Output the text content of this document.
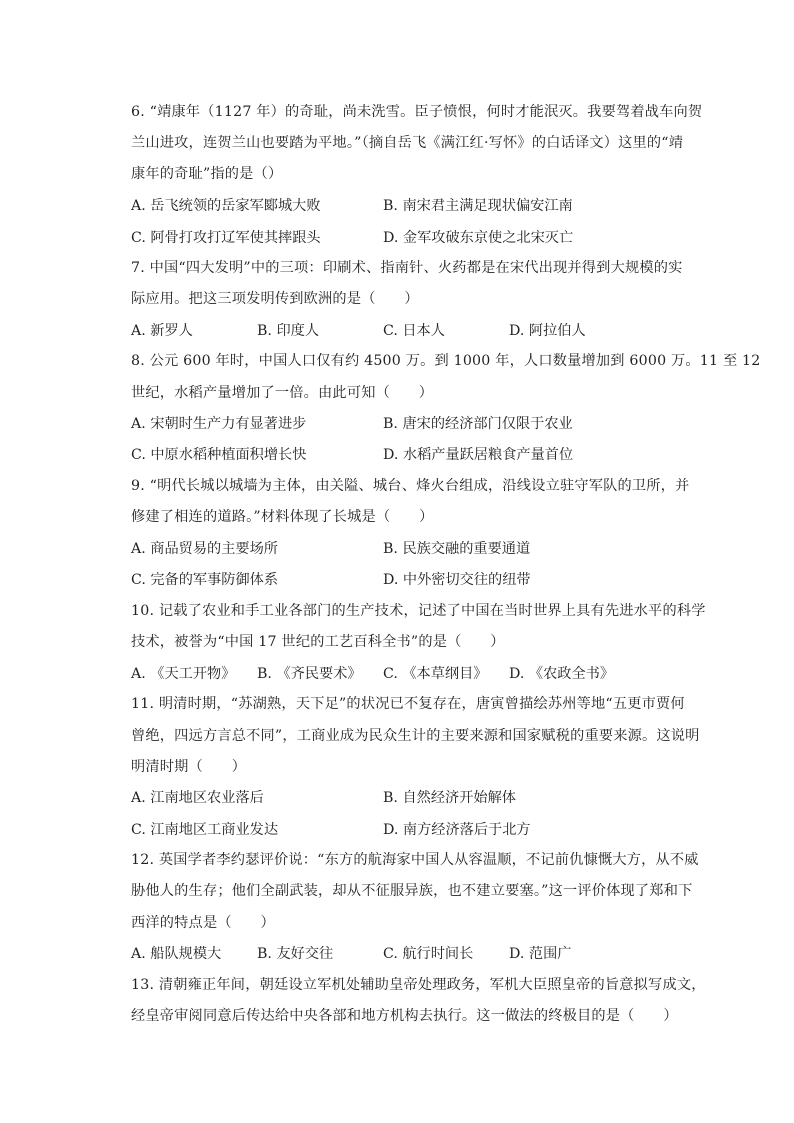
6. “靖康年（1127 年）的奇耻，尚未洗雪。臣子愤恨，何时才能泯灭。我要驾着战车向贺
兰山进攻，连贺兰山也要踏为平地。”（摘自岳飞《满江红·写怀》的白话译文）这里的“靖
康年的奇耻”指的是（）
A. 岳飞统领的岳家军郾城大败	B. 南宋君主满足现状偏安江南
C. 阿骨打攻打辽军使其摔跟头	D. 金军攻破东京使之北宋灭亡
7. 中国“四大发明”中的三项：印刷术、指南针、火药都是在宋代出现并得到大规模的实
际应用。把这三项发明传到欧洲的是（　　）
A. 新罗人	B. 印度人	C. 日本人	D. 阿拉伯人
8. 公元 600 年时，中国人口仅有约 4500 万。到 1000 年，人口数量增加到 6000 万。11 至 12
世纪，水稻产量增加了一倍。由此可知（　　）
A. 宋朝时生产力有显著进步	B. 唐宋的经济部门仅限于农业
C. 中原水稻种植面积增长快	D. 水稻产量跃居粮食产量首位
9. “明代长城以城墙为主体，由关隘、城台、烽火台组成，沿线设立驻守军队的卫所，并
修建了相连的道路。”材料体现了长城是（　　）
A. 商品贸易的主要场所	B. 民族交融的重要通道
C. 完备的军事防御体系	D. 中外密切交往的纽带
10. 记载了农业和手工业各部门的生产技术，记述了中国在当时世界上具有先进水平的科学
技术，被誉为“中国 17 世纪的工艺百科全书”的是（　　）
A. 《天工开物》 B. 《齐民要术》 C. 《本草纲目》 D. 《农政全书》
11. 明清时期，“苏湖熟，天下足”的状况已不复存在，唐寅曾描绘苏州等地“五更市贾何
曾绝，四远方言总不同”，工商业成为民众生计的主要来源和国家赋税的重要来源。这说明
明清时期（　　）
A. 江南地区农业落后	B. 自然经济开始解体
C. 江南地区工商业发达	D. 南方经济落后于北方
12. 英国学者李约瑟评价说：“东方的航海家中国人从容温顺，不记前仇慷慨大方，从不威
胁他人的生存；他们全副武装，却从不征服异族，也不建立要塞。”这一评价体现了郑和下
西洋的特点是（　　）
A. 船队规模大	B. 友好交往	C. 航行时间长	D. 范围广
13. 清朝雍正年间，朝廷设立军机处辅助皇帝处理政务，军机大臣照皇帝的旨意拟写成文，
经皇帝审阅同意后传达给中央各部和地方机构去执行。这一做法的终极目的是（　　）
